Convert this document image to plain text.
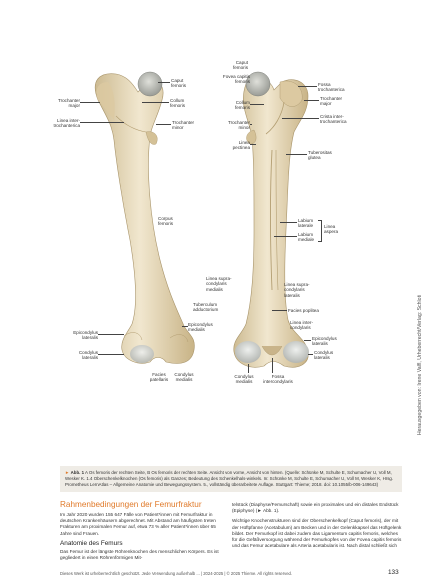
Caput
femoris
Trochanter
major
Collum
femoris
Linea inter-
trochanterica
Trochanter
minor
Corpus
femoris
Tuberculum
adductorium
Linea supra-
condylaris
medialis
Epicondylus
medialis
Epicondylus
lateralis
Condylus
lateralis
Facies
patellaris
Condylus
medialis
Caput
femoris
Fovea capitis
femoris
Fossa
trochanterica
Trochanter
major
Collum
femoris
Crista inter-
trochanterica
Trochanter
minor
Linea
pectinea
Tuberositas
glutea
Labium
laterale
Labium
mediale
Linea
aspera
Linea supra-
condylaris
lateralis
Facies poplitea
Linea inter-
condylaris
Epicondylus
lateralis
Condylus
lateralis
Condylus
medialis
Fossa
intercondylaris	Herausgegeben von: Irene Valfl, Urheberrecht/Verlag: Schloti
► Abb. 1 A Os femoris der rechten Seite, B Os femoris der rechten Seite. Ansicht von vorne, Ansicht von hinten. (Quelle: Schünke M, Schulte E, Schumacher U, Voll M, Wesker K. 1.4 Oberschenkelknochen (Os femoris) als Ganzes; Bedeutung des Schenkelhals-winkels. In: Schünke M, Schulte E, Schumacher U, Voll M, Wesker K, Hrsg. Prometheus LernAtlas – Allgemeine Anatomie und Bewegungssystem. 5., vollständig überarbeitete Auflage. Stuttgart: Thieme; 2018. doi: 10.1055/b-006-149643)
Rahmenbedingungen der Femurfraktur

Im Jahr 2020 wurden 155 647 Fälle von Patient*innen mit Femurfraktur in deutschen Krankenhäusern abgerechnet. Mit Abstand am häufigsten treten Frakturen am proximalen Femur auf, etwa 73 % aller Patient*innen über 65 Jahre sind Frauen.

Anatomie des Femurs

Das Femur ist der längste Röhrenknochen des menschlichen Körpers. Es ist gegliedert in einen Röhrenförmigen Mit-

telstück (Diaphyse/Femurschaft) sowie ein proximales und ein distales Endstück (Epiphyse) (► Abb. 1).

Wichtige Knochenstrukturen sind der Oberschenkelkopf (Caput femoris), der mit der Hüftpfanne (Acetabulum) am Becken und in der Gelenkkapsel das Hüftgelenk bildet. Der Femurkopf ist dabei zudem das Ligamentum capitis femoris, welches für die Gefäßversorgung während der Femurkopfes von der Fovea capitis femoris und das Femur acetabulare als Arteria acetabularis ist. Nach distal schließt sich

Dieses Werk ist urheberrechtlich geschützt. Jede Verwendung außerhalb ... | 2024-2025 | © 2025 Thieme. All rights reserved.	133
